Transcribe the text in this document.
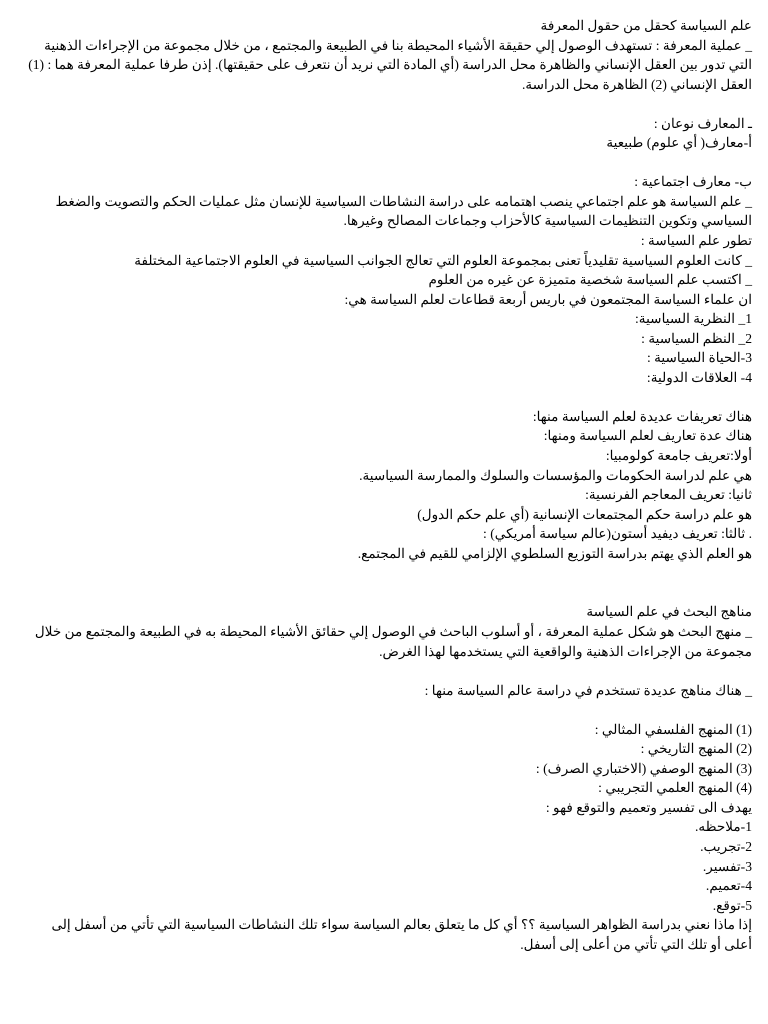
علم السياسة كحقل من حقول المعرفة

_ عملية المعرفة : تستهدف الوصول إلي حقيقة الأشياء المحيطة بنا في الطبيعة والمجتمع ، من خلال مجموعة من الإجراءات الذهنية التي تدور بين العقل الإنساني والظاهرة محل الدراسة (أي المادة التي نريد أن نتعرف على حقيقتها). إذن طرفا عملية المعرفة هما : (1) العقل الإنساني (2) الظاهرة محل الدراسة.

ـ المعارف نوعان :

أ-معارف( أي علوم) طبيعية

ب- معارف اجتماعية :

_ علم السياسة هو علم اجتماعي ينصب اهتمامه على دراسة النشاطات السياسية للإنسان مثل عمليات الحكم والتصويت والضغط السياسي وتكوين التنظيمات السياسية كالأحزاب وجماعات المصالح وغيرها.

تطور علم السياسة :

_ كانت العلوم السياسية تقليدياً تعنى بمجموعة العلوم التي تعالج الجوانب السياسية في العلوم الاجتماعية المختلفة

_ اكتسب علم السياسة شخصية متميزة عن غيره من العلوم

ان علماء السياسة المجتمعون في باريس أربعة قطاعات لعلم السياسة هي:

1_ النظرية السياسية:

2_ النظم السياسية :

3-الحياة السياسية :

4- العلاقات الدولية:

هناك تعريفات عديدة لعلم السياسة منها:

هناك عدة تعاريف لعلم السياسة ومنها:

أولا:تعريف جامعة كولومبيا:

هي علم لدراسة الحكومات والمؤسسات والسلوك والممارسة السياسية.

ثانيا: تعريف المعاجم الفرنسية:

هو علم دراسة حكم المجتمعات الإنسانية (أي علم حكم الدول)

. ثالثا: تعريف ديفيد أستون(عالم سياسة أمريكي) :

هو العلم الذي يهتم بدراسة التوزيع السلطوي الإلزامي للقيم في المجتمع.

مناهج البحث في علم السياسة

_ منهج البحث هو شكل عملية المعرفة ، أو أسلوب الباحث في الوصول إلي حقائق الأشياء المحيطة به في الطبيعة والمجتمع من خلال مجموعة من الإجراءات الذهنية والواقعية التي يستخدمها لهذا الغرض.

_ هناك مناهج عديدة تستخدم في دراسة عالم السياسة منها :

(1) المنهج الفلسفي المثالي :

(2) المنهج التاريخي :

(3) المنهج الوصفي (الاختباري الصرف) :

(4) المنهج العلمي التجريبي :

يهدف الى تفسير وتعميم والتوقع فهو :

1-ملاحظه.

2-تجريب.

3-تفسير.

4-تعميم.

5-توقع.

إذا ماذا نعني بدراسة الظواهر السياسية ؟؟ أي كل ما يتعلق بعالم السياسة سواء تلك النشاطات السياسية التي تأتي من أسفل إلى أعلى أو تلك التي تأتي من أعلى إلى أسفل.
